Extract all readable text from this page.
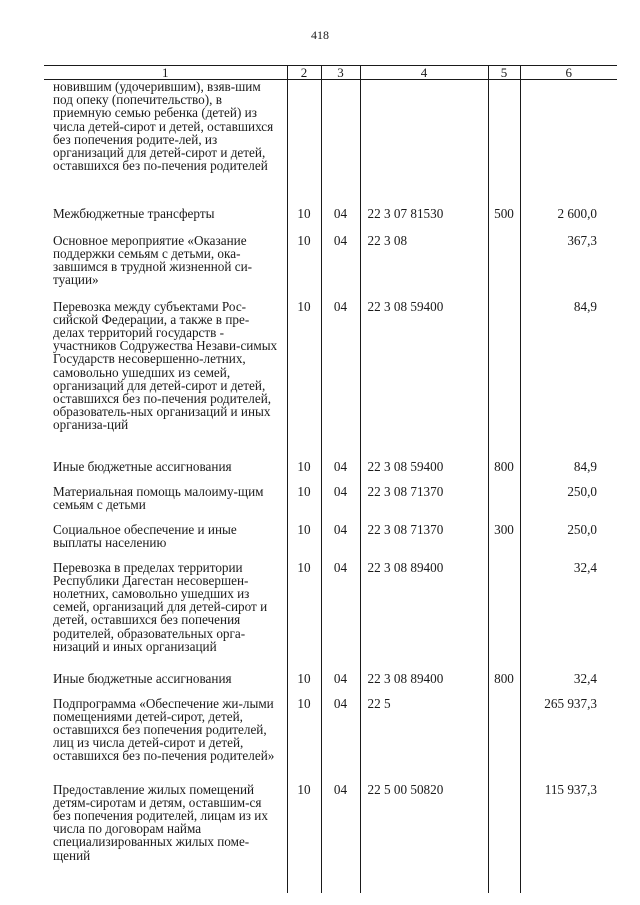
418
1	2	3	4	5	6
новившим (удочерившим), взяв-шим под опеку (попечительство), в приемную семью ребенка (детей) из числа детей-сирот и детей, оставшихся без попечения родите-лей, из организаций для детей-сирот и детей, оставшихся без по-печения родителей					
Межбюджетные трансферты	10	04	22 3 07 81530	500	2 600,0
Основное мероприятие «Оказание поддержки семьям с детьми, ока-завшимся в трудной жизненной си-туации»	10	04	22 3 08		367,3
Перевозка между субъектами Рос-сийской Федерации, а также в пре-делах территорий государств - участников Содружества Незави-симых Государств несовершенно-летних, самовольно ушедших из семей, организаций для детей-сирот и детей, оставшихся без по-печения родителей, образователь-ных организаций и иных организа-ций	10	04	22 3 08 59400		84,9
Иные бюджетные ассигнования	10	04	22 3 08 59400	800	84,9
Материальная помощь малоиму-щим семьям с детьми	10	04	22 3 08 71370		250,0
Социальное обеспечение и иные выплаты населению	10	04	22 3 08 71370	300	250,0
Перевозка в пределах территории Республики Дагестан несовершен-нолетних, самовольно ушедших из семей, организаций для детей-сирот и детей, оставшихся без попечения родителей, образовательных орга-низаций и иных организаций	10	04	22 3 08 89400		32,4
Иные бюджетные ассигнования	10	04	22 3 08 89400	800	32,4
Подпрограмма «Обеспечение жи-лыми помещениями детей-сирот, детей, оставшихся без попечения родителей, лиц из числа детей-сирот и детей, оставшихся без по-печения родителей»	10	04	22 5		265 937,3
Предоставление жилых помещений детям-сиротам и детям, оставшим-ся без попечения родителей, лицам из их числа по договорам найма специализированных жилых поме-щений	10	04	22 5 00 50820		115 937,3
